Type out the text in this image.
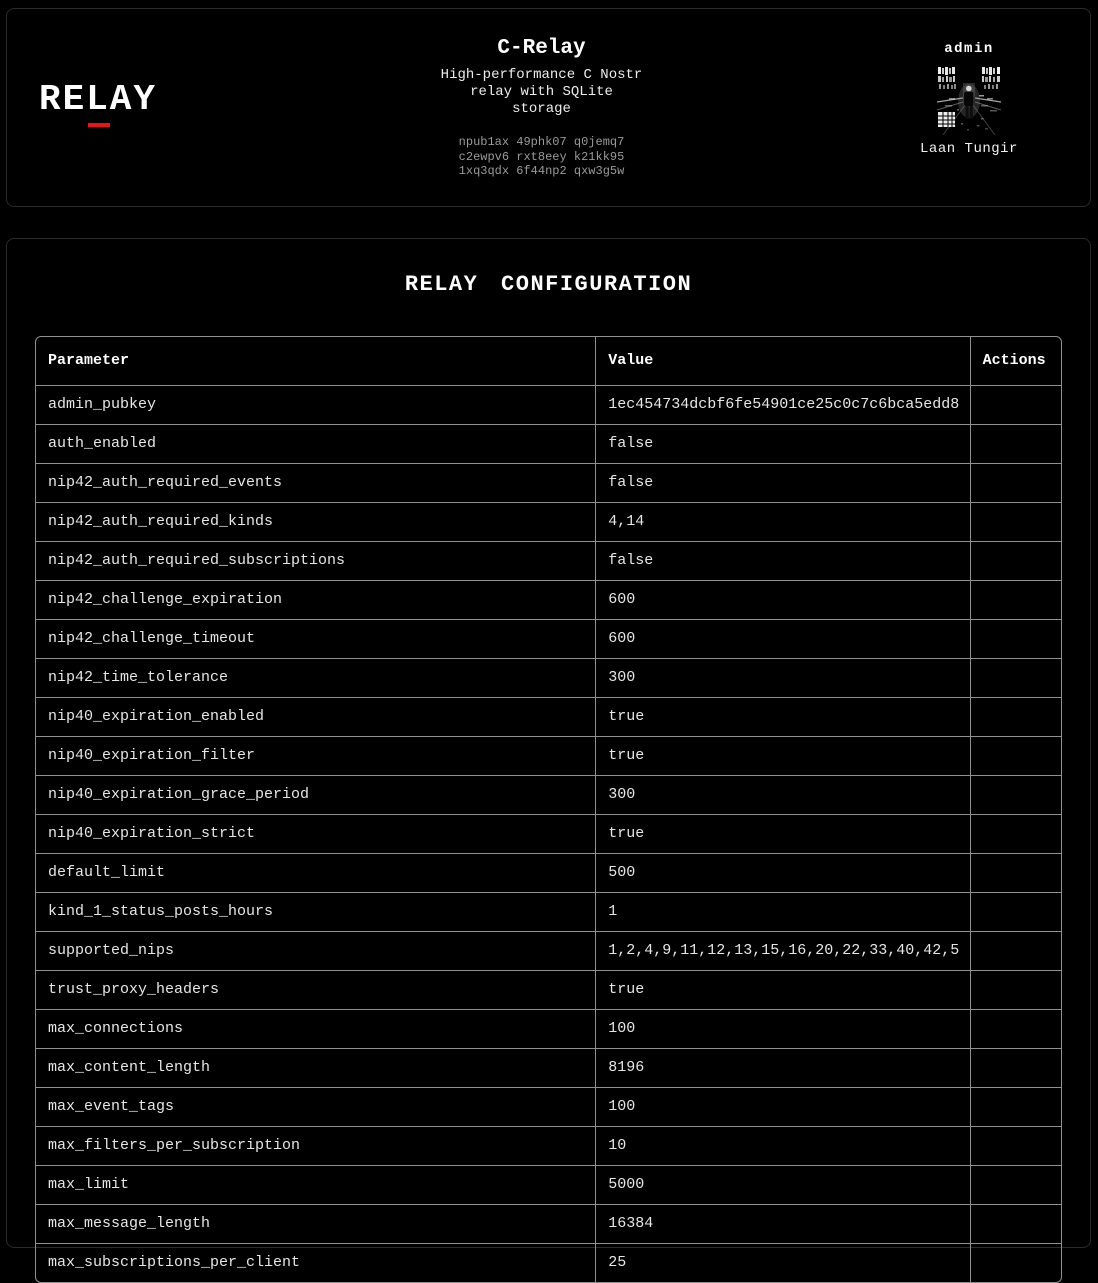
RELAY
C-Relay
High-performance C Nostr relay with SQLite storage
npub1ax 49phk07 q0jemq7
c2ewpv6 rxt8eey k21kk95
1xq3qdx 6f44np2 qxw3g5w
admin
Laan Tungir
RELAY CONFIGURATION
Parameter	Value	Actions
admin_pubkey	1ec454734dcbf6fe54901ce25c0c7c6bca5edd8	
auth_enabled	false	
nip42_auth_required_events	false	
nip42_auth_required_kinds	4,14	
nip42_auth_required_subscriptions	false	
nip42_challenge_expiration	600	
nip42_challenge_timeout	600	
nip42_time_tolerance	300	
nip40_expiration_enabled	true	
nip40_expiration_filter	true	
nip40_expiration_grace_period	300	
nip40_expiration_strict	true	
default_limit	500	
kind_1_status_posts_hours	1	
supported_nips	1,2,4,9,11,12,13,15,16,20,22,33,40,42,5	
trust_proxy_headers	true	
max_connections	100	
max_content_length	8196	
max_event_tags	100	
max_filters_per_subscription	10	
max_limit	5000	
max_message_length	16384	
max_subscriptions_per_client	25	
